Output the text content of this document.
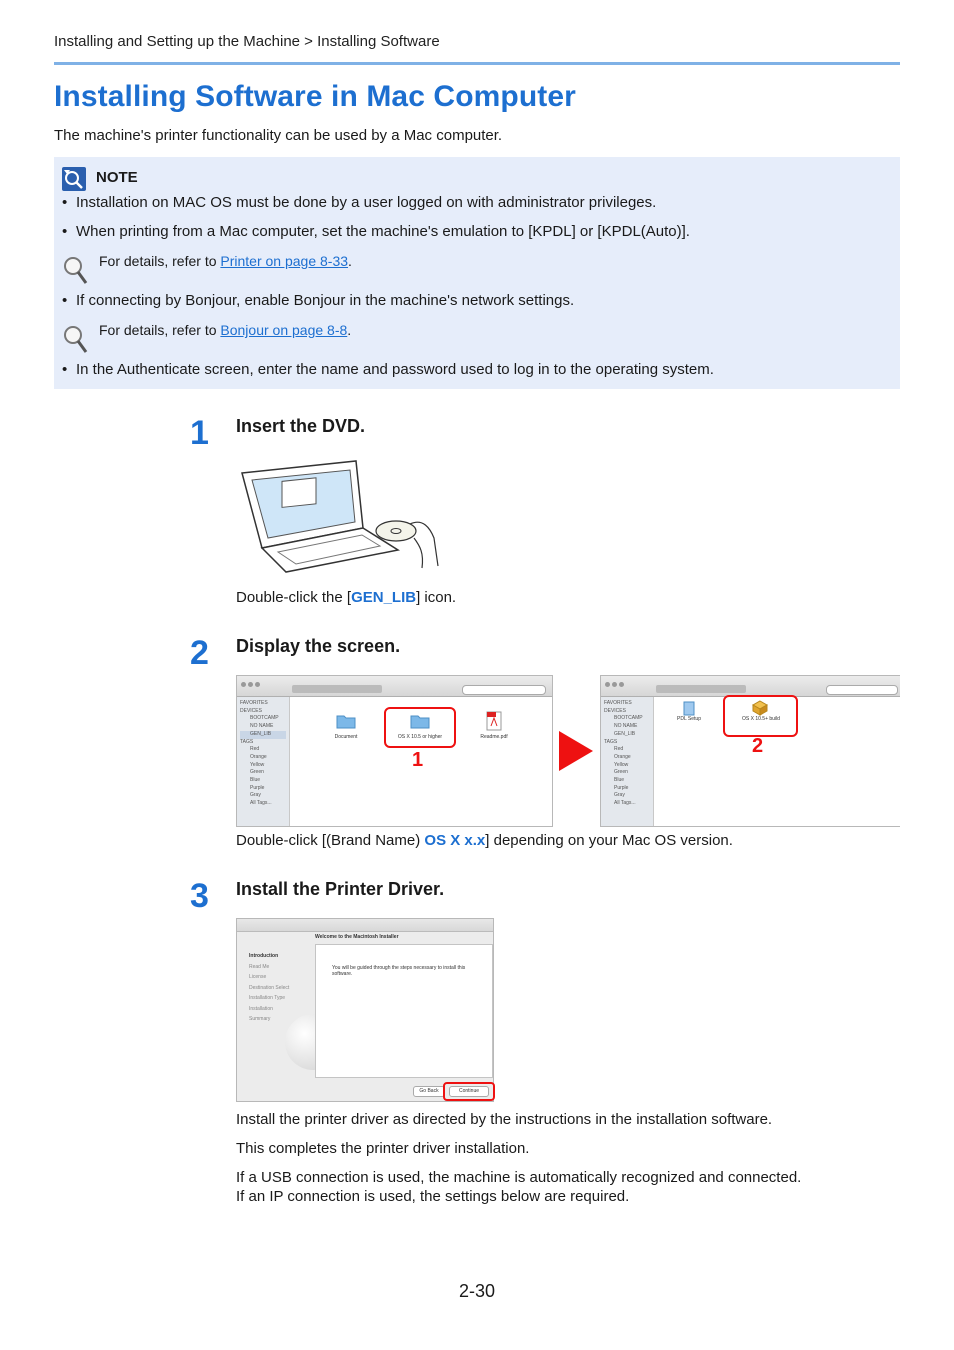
Installing and Setting up the Machine > Installing Software
Installing Software in Mac Computer
The machine's printer functionality can be used by a Mac computer.
NOTE
• Installation on MAC OS must be done by a user logged on with administrator privileges.
• When printing from a Mac computer, set the machine's emulation to [KPDL] or [KPDL(Auto)].
For details, refer to Printer on page 8-33.
• If connecting by Bonjour, enable Bonjour in the machine's network settings.
For details, refer to Bonjour on page 8-8.
• In the Authenticate screen, enter the name and password used to log in to the operating system.
1 Insert the DVD.
Double-click the [GEN_LIB] icon.
2 Display the screen.
FAVORITES
DEVICES
BOOTCAMP
NO NAME
GEN_LIB
TAGS
Red
Orange
Yellow
Green
Blue
Purple
Gray
All Tags...
Document	OS X 10.5 or higher	Readme.pdf
1
FAVORITES
DEVICES
BOOTCAMP
NO NAME
GEN_LIB
TAGS
Red
Orange
Yellow
Green
Blue
Purple
Gray
All Tags...
PDL Setup	OS X 10.5+ build
2
Double-click [(Brand Name) OS X x.x] depending on your Mac OS version.
3 Install the Printer Driver.
Welcome to the Macintosh Installer
Introduction
Read Me
License
Destination Select
Installation Type
Installation
Summary
You will be guided through the steps necessary to install this software.
Go Back	Continue
Install the printer driver as directed by the instructions in the installation software.
This completes the printer driver installation.
If a USB connection is used, the machine is automatically recognized and connected.
If an IP connection is used, the settings below are required.
2-30
